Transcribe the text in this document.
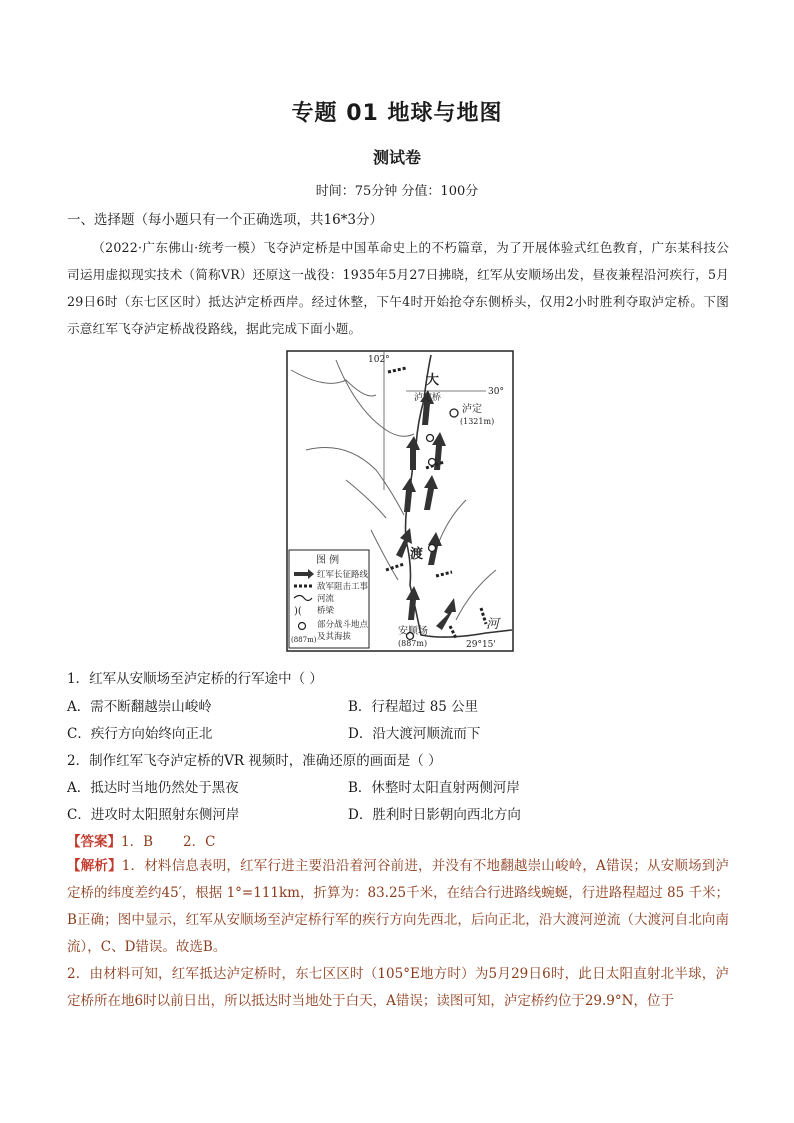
专题 01 地球与地图
测试卷
时间：75分钟 分值：100分
一、选择题（每小题只有一个正确选项，共16*3分）
（2022·广东佛山·统考一模）飞夺泸定桥是中国革命史上的不朽篇章，为了开展体验式红色教育，广东某科技公司运用虚拟现实技术（简称VR）还原这一战役：1935年5月27日拂晓，红军从安顺场出发，昼夜兼程沿河疾行，5月29日6时（东七区区时）抵达泸定桥西岸。经过休整，下午4时开始抢夺东侧桥头，仅用2小时胜利夺取泸定桥。下图示意红军飞夺泸定桥战役路线，据此完成下面小题。
102°
30°
大
渡
河
泸定桥
泸定
(1321m)
安顺场
(887m)	29°15'
图 例
)(
(887m)
红军长征路线
敌军阻击工事
河流
桥梁
部分战斗地点
及其海拔
1．红军从安顺场至泸定桥的行军途中（ ）
A．需不断翻越崇山峻岭	B．行程超过 85 公里
C．疾行方向始终向正北	D．沿大渡河顺流而下
2．制作红军飞夺泸定桥的VR 视频时，准确还原的画面是（ ）
A．抵达时当地仍然处于黑夜	B．休整时太阳直射两侧河岸
C．进攻时太阳照射东侧河岸	D．胜利时日影朝向西北方向
【答案】1．B       2．C
【解析】1．材料信息表明，红军行进主要沿沿着河谷前进，并没有不地翻越崇山峻岭，A错误；从安顺场到泸定桥的纬度差约45′，根据 1°=111km，折算为：83.25千米，在结合行进路线蜿蜒，行进路程超过 85 千米；B正确；图中显示，红军从安顺场至泸定桥行军的疾行方向先西北，后向正北，沿大渡河逆流（大渡河自北向南流），C、D错误。故选B。
2．由材料可知，红军抵达泸定桥时，东七区区时（105°E地方时）为5月29日6时，此日太阳直射北半球，泸定桥所在地6时以前日出，所以抵达时当地处于白天，A错误；读图可知，泸定桥约位于29.9°N，位于
